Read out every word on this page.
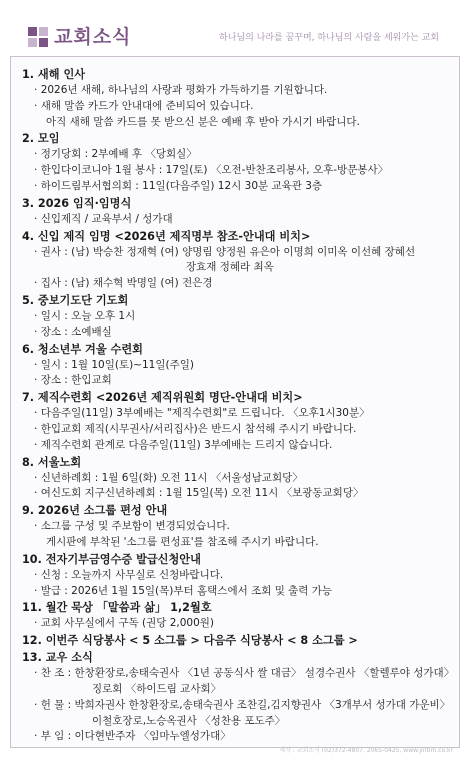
교회소식	하나님의 나라를 꿈꾸며, 하나님의 사람을 세워가는 교회
1. 새해 인사
· 2026년 새해, 하나님의 사랑과 평화가 가득하기를 기원합니다.
· 새해 말씀 카드가 안내대에 준비되어 있습니다.
아직 새해 말씀 카드를 못 받으신 분은 예배 후 받아 가시기 바랍니다.
2. 모임
· 정기당회 : 2부예배 후 〈당회실〉
· 한입다이코니아 1월 봉사 : 17일(토) 〈오전-반찬조리봉사, 오후-방문봉사〉
· 하이드림부서협의회 : 11일(다음주일) 12시 30분 교육관 3층
3. 2026 임직·임명식
· 신입제직 / 교육부서 / 성가대
4. 신입 제직 임명 <2026년 제직명부 참조-안내대 비치>
· 권사 : (남) 박승찬 정재혁 (여) 양명림 양정원 유은아 이명희 이미옥 이선혜 장혜선
장효재 정혜라 최옥
· 집사 : (남) 채수혁 박명일 (여) 전은경
5. 중보기도단 기도회
· 일시 : 오늘 오후 1시
· 장소 : 소예배실
6. 청소년부 겨울 수련회
· 일시 : 1월 10일(토)~11일(주일)
· 장소 : 한입교회
7. 제직수련회 <2026년 제직위원회 명단-안내대 비치>
· 다음주일(11일) 3부예배는 "제직수련회"로 드립니다. 〈오후1시30분〉
· 한입교회 제직(시무권사/서리집사)은 반드시 참석해 주시기 바랍니다.
· 제직수련회 관계로 다음주일(11일) 3부예배는 드리지 않습니다.
8. 서울노회
· 신년하례회 : 1월 6일(화) 오전 11시 〈서울성남교회당〉
· 여신도회 지구신년하례회 : 1월 15일(목) 오전 11시 〈보광동교회당〉
9. 2026년 소그룹 편성 안내
· 소그룹 구성 및 주보함이 변경되었습니다.
게시판에 부착된 '소그룹 편성표'를 참조해 주시기 바랍니다.
10. 전자기부금영수증 발급신청안내
· 신청 : 오늘까지 사무실로 신청바랍니다.
· 발급 : 2026년 1월 15일(목)부터 홈택스에서 조회 및 출력 가능
11. 월간 묵상 「말씀과 삶」 1,2월호
· 교회 사무실에서 구독 (권당 2,000원)
12. 이번주 식당봉사 < 5 소그룹 > 다음주 식당봉사 < 8 소그룹 >
13. 교우 소식
· 찬 조 : 한창환장로,송태숙권사 〈1년 공동식사 쌀 대금〉 설경수권사 〈할렐루야 성가대〉
징로회 〈하이드림 교사회〉
· 헌 물 : 박희자권사 한창환장로,송태숙권사 조찬길,김지향권사 〈3개부서 성가대 가운비〉
이철호장로,노승옥권사 〈성찬용 포도주〉
· 부 임 : 이다현반주자 〈임마누엘성가대〉
제작 : 교회소식 (02)372-4807, 2065-0425, www.jintim.co.kr
